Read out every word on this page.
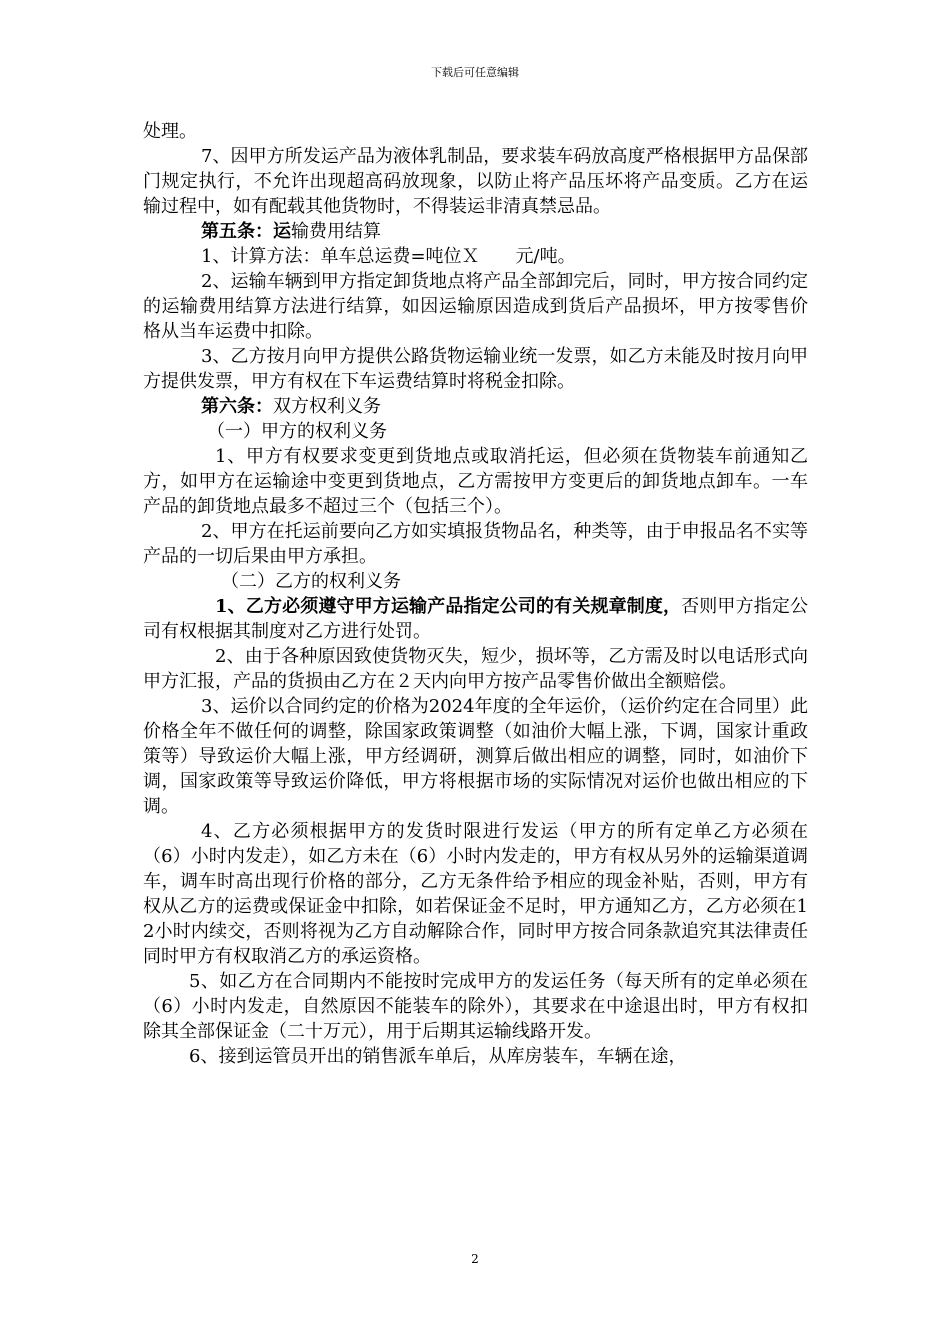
下载后可任意编辑

处理。

7、因甲方所发运产品为液体乳制品，要求装车码放高度严格根据甲方品保部门规定执行，不允许出现超高码放现象，以防止将产品压坏将产品变质。乙方在运输过程中，如有配载其他货物时，不得装运非清真禁忌品。

第五条：运输费用结算

1、计算方法：单车总运费=吨位Ｘ　　元/吨。

2、运输车辆到甲方指定卸货地点将产品全部卸完后，同时，甲方按合同约定的运输费用结算方法进行结算，如因运输原因造成到货后产品损坏，甲方按零售价格从当车运费中扣除。

3、乙方按月向甲方提供公路货物运输业统一发票，如乙方未能及时按月向甲方提供发票，甲方有权在下车运费结算时将税金扣除。

第六条：双方权利义务

（一）甲方的权利义务

1、甲方有权要求变更到货地点或取消托运，但必须在货物装车前通知乙方，如甲方在运输途中变更到货地点，乙方需按甲方变更后的卸货地点卸车。一车产品的卸货地点最多不超过三个（包括三个）。

2、甲方在托运前要向乙方如实填报货物品名，种类等，由于申报品名不实等产品的一切后果由甲方承担。

（二）乙方的权利义务

1、乙方必须遵守甲方运输产品指定公司的有关规章制度，否则甲方指定公司有权根据其制度对乙方进行处罚。

2、由于各种原因致使货物灭失，短少，损坏等，乙方需及时以电话形式向甲方汇报，产品的货损由乙方在２天内向甲方按产品零售价做出全额赔偿。

3、运价以合同约定的价格为2024年度的全年运价，（运价约定在合同里）此价格全年不做任何的调整，除国家政策调整（如油价大幅上涨，下调，国家计重政策等）导致运价大幅上涨，甲方经调研，测算后做出相应的调整，同时，如油价下调，国家政策等导致运价降低，甲方将根据市场的实际情况对运价也做出相应的下调。

4、乙方必须根据甲方的发货时限进行发运（甲方的所有定单乙方必须在（6）小时内发走），如乙方未在（6）小时内发走的，甲方有权从另外的运输渠道调车，调车时高出现行价格的部分，乙方无条件给予相应的现金补贴，否则，甲方有权从乙方的运费或保证金中扣除，如若保证金不足时，甲方通知乙方，乙方必须在12小时内续交，否则将视为乙方自动解除合作，同时甲方按合同条款追究其法律责任同时甲方有权取消乙方的承运资格。

5、如乙方在合同期内不能按时完成甲方的发运任务（每天所有的定单必须在（6）小时内发走，自然原因不能装车的除外），其要求在中途退出时，甲方有权扣除其全部保证金（二十万元），用于后期其运输线路开发。

6、接到运管员开出的销售派车单后，从库房装车，车辆在途，

2
